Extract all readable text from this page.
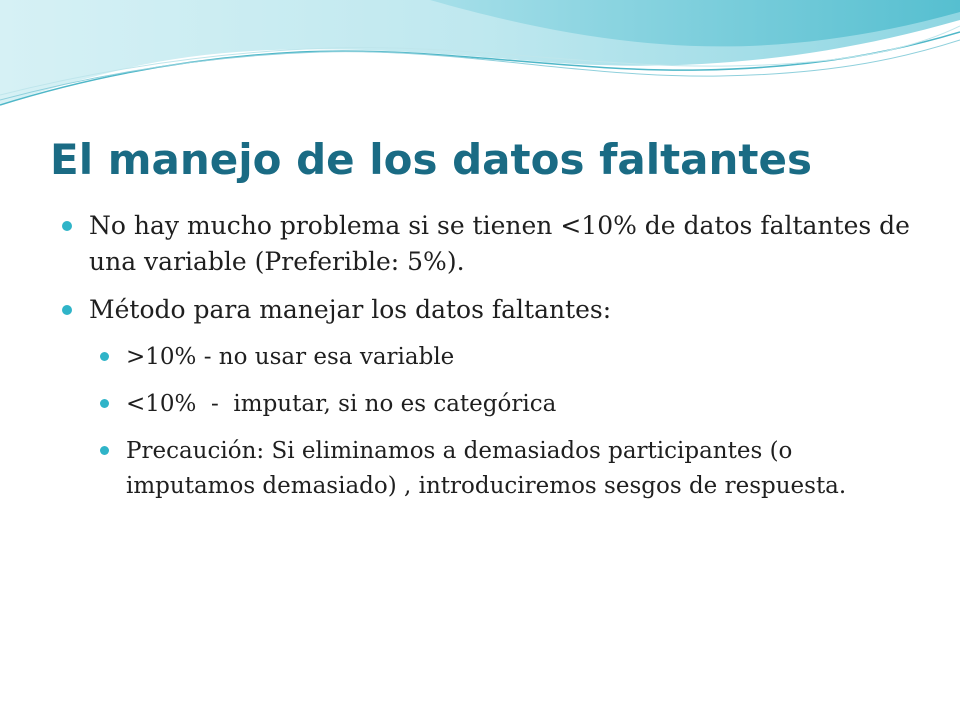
El manejo de los datos faltantes
No hay mucho problema si se tienen <10% de datos faltantes de una variable (Preferible: 5%).
Método para manejar los datos faltantes:
>10% - no usar esa variable
<10%  -  imputar, si no es categórica
Precaución: Si eliminamos a demasiados participantes (o imputamos demasiado) , introduciremos sesgos de respuesta.
